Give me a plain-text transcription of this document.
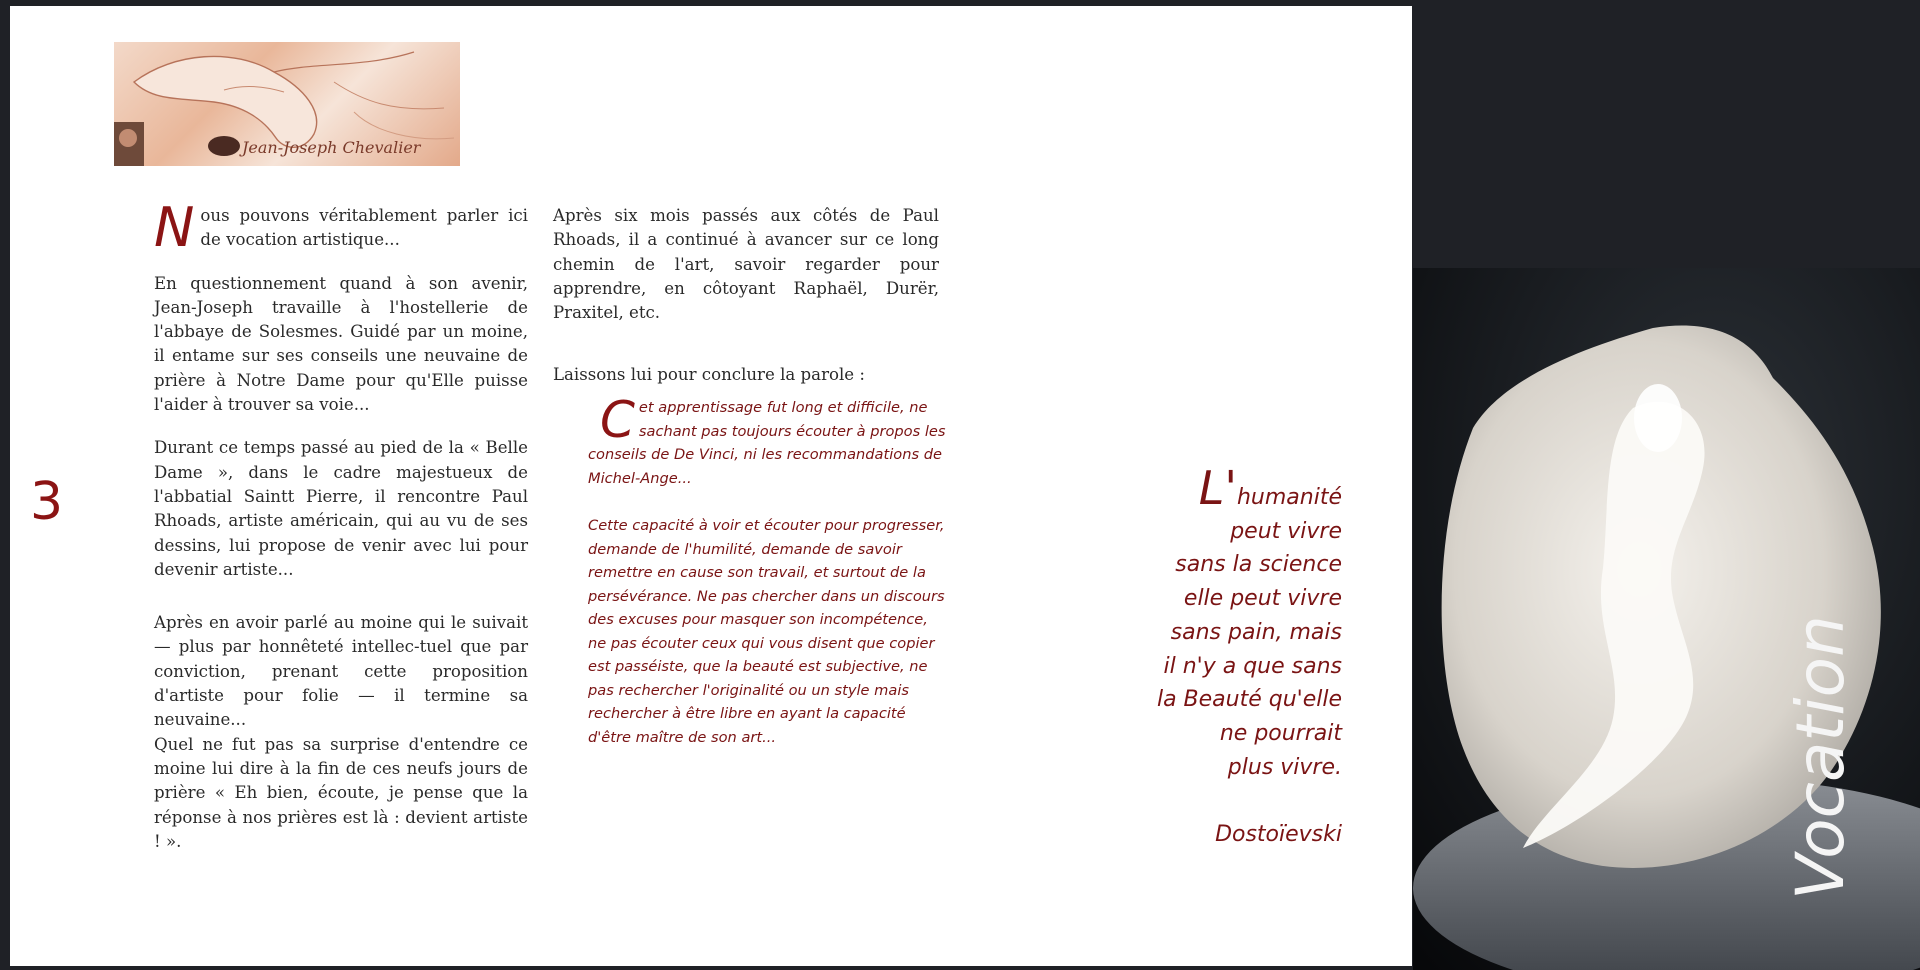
Jean-Joseph Chevalier
3

N ous pouvons véritablement parler ici de vocation artistique...

En questionnement quand à son avenir, Jean-Joseph travaille à l'hostellerie de l'abbaye de Solesmes. Guidé par un moine, il entame sur ses conseils une neuvaine de prière à Notre Dame pour qu'Elle puisse l'aider à trouver sa voie...

Durant ce temps passé au pied de la « Belle Dame », dans le cadre majestueux de l'abbatial Saintt Pierre, il rencontre Paul Rhoads, artiste américain, qui au vu de ses dessins, lui propose de venir avec lui pour devenir artiste...

Après en avoir parlé au moine qui le suivait — plus par honnêteté intellec-tuel que par conviction, prenant cette proposition d'artiste pour folie — il termine sa neuvaine...

Quel ne fut pas sa surprise d'entendre ce moine lui dire à la fin de ces neufs jours de prière « Eh bien, écoute, je pense que la réponse à nos prières est là : devient artiste ! ».

Après six mois passés aux côtés de Paul Rhoads, il a continué à avancer sur ce long chemin de l'art, savoir regarder pour apprendre, en côtoyant Raphaël, Durër, Praxitel, etc.

Laissons lui pour conclure la parole :

C et apprentissage fut long et difficile, ne sachant pas toujours écouter à propos les conseils de De Vinci, ni les recommandations de Michel-Ange...

Cette capacité à voir et écouter pour progresser, demande de l'humilité, demande de savoir remettre en cause son travail, et surtout de la persévérance. Ne pas chercher dans un discours des excuses pour masquer son incompétence, ne pas écouter ceux qui vous disent que copier est passéiste, que la beauté est subjective, ne pas rechercher l'originalité ou un style mais rechercher à être libre en ayant la capacité d'être maître de son art...

L'humanité
peut vivre
sans la science
elle peut vivre
sans pain, mais
il n'y a que sans
la Beauté qu'elle
ne pourrait
plus vivre.
Dostoïevski	Vocation
